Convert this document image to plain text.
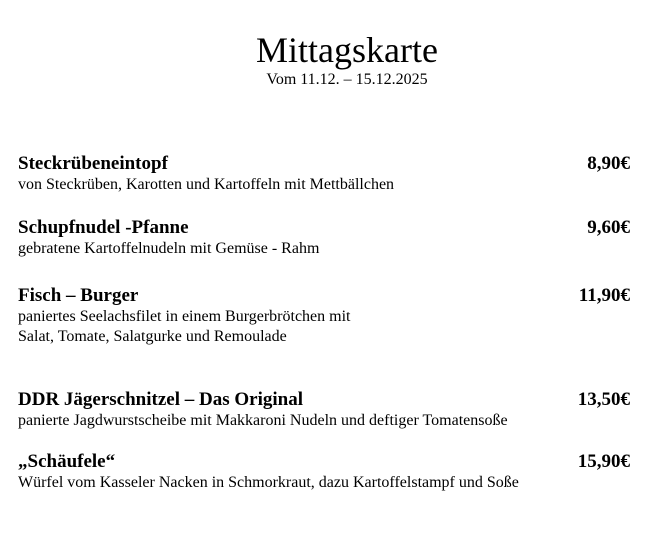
Mittagskarte
Vom 11.12. – 15.12.2025
Steckrübeneintopf	8,90€
von Steckrüben, Karotten und Kartoffeln mit Mettbällchen
Schupfnudel -Pfanne	9,60€
gebratene Kartoffelnudeln mit Gemüse - Rahm
Fisch – Burger	11,90€
paniertes Seelachsfilet in einem Burgerbrötchen mit
Salat, Tomate, Salatgurke und Remoulade
DDR Jägerschnitzel – Das Original	13,50€
panierte Jagdwurstscheibe mit Makkaroni Nudeln und deftiger Tomatensoße
„Schäufele“	15,90€
Würfel vom Kasseler Nacken in Schmorkraut, dazu Kartoffelstampf und Soße
